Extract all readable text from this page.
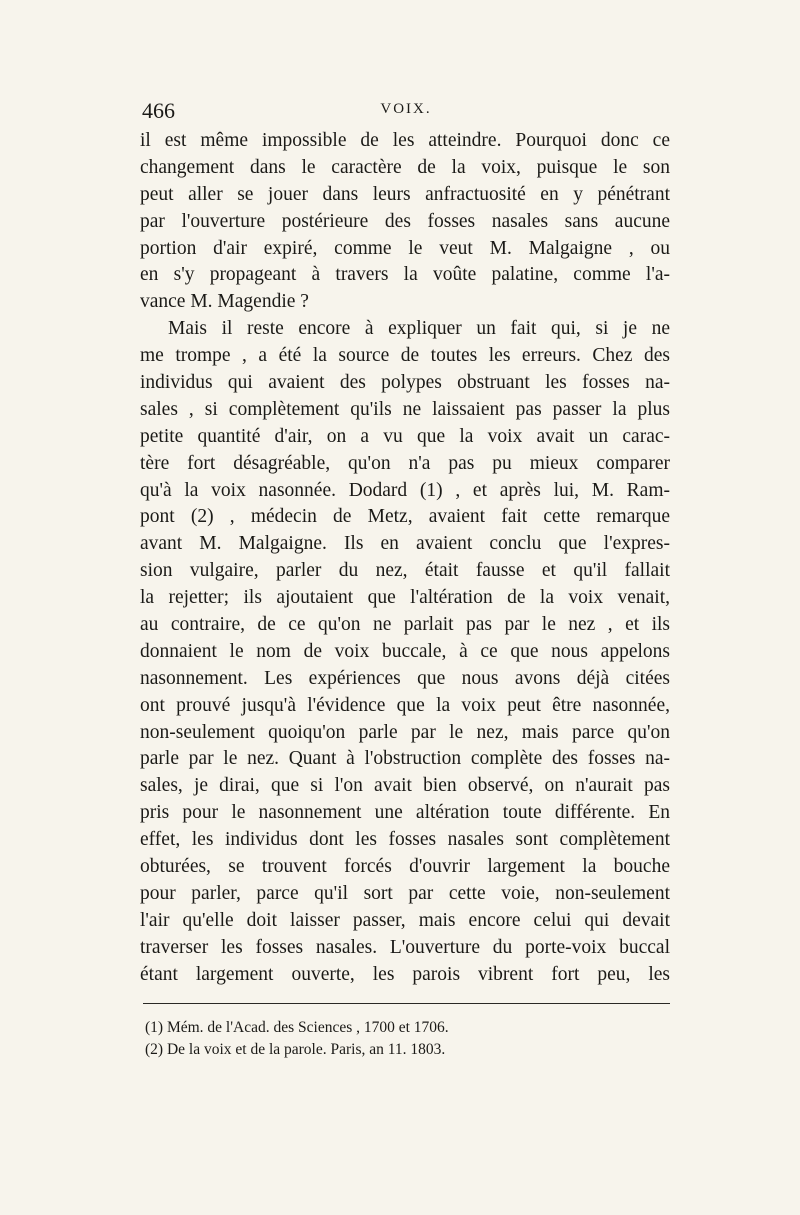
466	VOIX.
il est même impossible de les atteindre. Pourquoi donc ce
changement dans le caractère de la voix, puisque le son
peut aller se jouer dans leurs anfractuosité en y pénétrant
par l'ouverture postérieure des fosses nasales sans aucune
portion d'air expiré, comme le veut M. Malgaigne , ou
en s'y propageant à travers la voûte palatine, comme l'a-
vance M. Magendie ?
Mais il reste encore à expliquer un fait qui, si je ne
me trompe , a été la source de toutes les erreurs. Chez des
individus qui avaient des polypes obstruant les fosses na-
sales , si complètement qu'ils ne laissaient pas passer la plus
petite quantité d'air, on a vu que la voix avait un carac-
tère fort désagréable, qu'on n'a pas pu mieux comparer
qu'à la voix nasonnée. Dodard (1) , et après lui, M. Ram-
pont (2) , médecin de Metz, avaient fait cette remarque
avant M. Malgaigne. Ils en avaient conclu que l'expres-
sion vulgaire, parler du nez, était fausse et qu'il fallait
la rejetter; ils ajoutaient que l'altération de la voix venait,
au contraire, de ce qu'on ne parlait pas par le nez , et ils
donnaient le nom de voix buccale, à ce que nous appelons
nasonnement. Les expériences que nous avons déjà citées
ont prouvé jusqu'à l'évidence que la voix peut être nasonnée,
non-seulement quoiqu'on parle par le nez, mais parce qu'on
parle par le nez. Quant à l'obstruction complète des fosses na-
sales, je dirai, que si l'on avait bien observé, on n'aurait pas
pris pour le nasonnement une altération toute différente. En
effet, les individus dont les fosses nasales sont complètement
obturées, se trouvent forcés d'ouvrir largement la bouche
pour parler, parce qu'il sort par cette voie, non-seulement
l'air qu'elle doit laisser passer, mais encore celui qui devait
traverser les fosses nasales. L'ouverture du porte-voix buccal
étant largement ouverte, les parois vibrent fort peu, les
(1) Mém. de l'Acad. des Sciences , 1700 et 1706.
(2) De la voix et de la parole. Paris, an 11. 1803.
